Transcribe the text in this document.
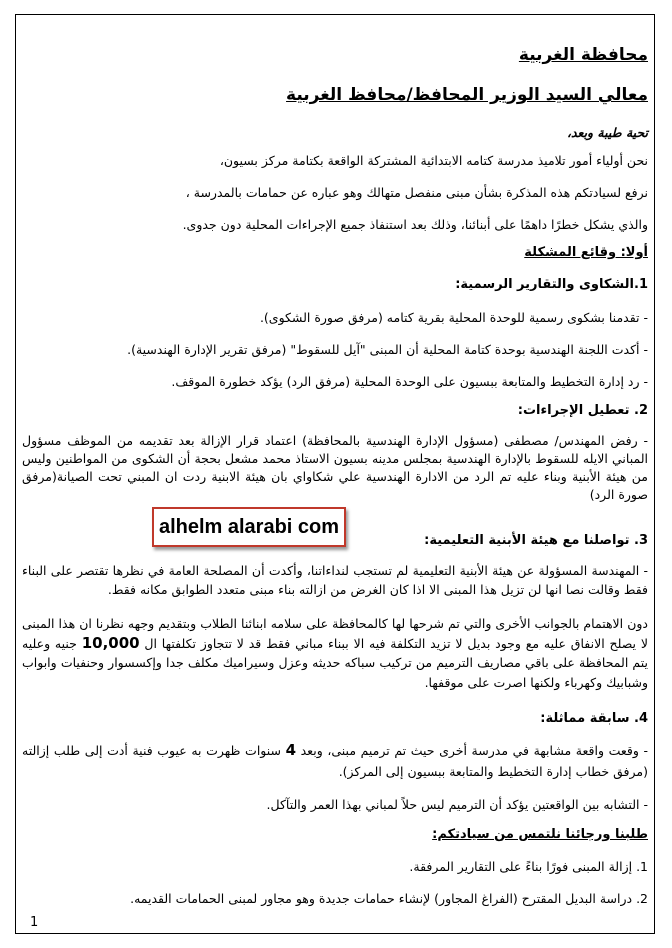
محافظة الغربية
معالي السيد الوزير المحافظ/محافظ الغربية
تحية طيبة وبعد،
نحن أولياء أمور تلاميذ مدرسة كتامه الابتدائية المشتركة الواقعة بكتامة مركز بسيون،
نرفع لسيادتكم هذه المذكرة بشأن مبنى منفصل متهالك وهو عباره عن حمامات بالمدرسة ،
والذي يشكل خطرًا داهمًا على أبنائنا، وذلك بعد استنفاذ جميع الإجراءات المحلية دون جدوى.
أولا: وقائع المشكلة
1.الشكاوى والتقارير الرسمية:
- تقدمنا بشكوى رسمية للوحدة المحلية بقرية كتامه (مرفق صورة الشكوى).
- أكدت اللجنة الهندسية بوحدة كتامة المحلية أن المبنى "آيل للسقوط" (مرفق تقرير الإدارة الهندسية).
- رد إدارة التخطيط والمتابعة ببسيون على الوحدة المحلية (مرفق الرد) يؤكد خطورة الموقف.
2. تعطيل الإجراءات:
- رفض المهندس/ مصطفى (مسؤول الإدارة الهندسية بالمحافظة) اعتماد قرار الإزالة بعد تقديمه من الموظف مسؤول المباني الايله للسقوط بالإدارة الهندسية بمجلس مدينه بسيون الاستاذ محمد مشعل بحجة أن الشكوى من المواطنين وليس من هيئة الأبنية وبناء عليه تم الرد من الادارة الهندسية علي شكاواي بان هيئة الابنية ردت ان المبني تحت الصيانة(مرفق صورة الرد)
alhelm alarabi com
3. تواصلنا مع هيئة الأبنية التعليمية:
- المهندسة المسؤولة عن هيئة الأبنية التعليمية لم تستجب لنداءاتنا، وأكدت أن المصلحة العامة في نظرها تقتصر على البناء فقط وقالت نصا انها لن تزيل هذا المبنى الا اذا كان الغرض من ازالته بناء مبنى متعدد الطوابق مكانه فقط.
دون الاهتمام بالجوانب الأخرى والتي تم شرحها لها كالمحافظة على سلامه ابنائنا الطلاب وبتقديم وجهه نظرنا ان هذا المبنى لا يصلح الانفاق عليه مع وجود بديل لا تزيد التكلفة فيه الا ببناء مباني فقط قد لا تتجاوز تكلفتها ال 10,000 جنيه وعليه يتم المحافظة على باقي مصاريف الترميم من تركيب سباكه حديثه وعزل وسيراميك مكلف جدا وإكسسوار وحنفيات وابواب وشبابيك وكهرباء ولكنها اصرت على موقفها.
4. سابقة مماثلة:
- وقعت واقعة مشابهة في مدرسة أخرى حيث تم ترميم مبنى، وبعد 4 سنوات ظهرت به عيوب فنية أدت إلى طلب إزالته (مرفق خطاب إدارة التخطيط والمتابعة ببسيون إلى المركز).
- التشابه بين الواقعتين يؤكد أن الترميم ليس حلاً لمباني بهذا العمر والتآكل.
طلبنا ورجائنا نلتمس من سيادتكم:
1. إزالة المبنى فورًا بناءً على التقارير المرفقة.
2. دراسة البديل المقترح (الفراغ المجاور) لإنشاء حمامات جديدة وهو مجاور لمبنى الحمامات القديمه.
1
